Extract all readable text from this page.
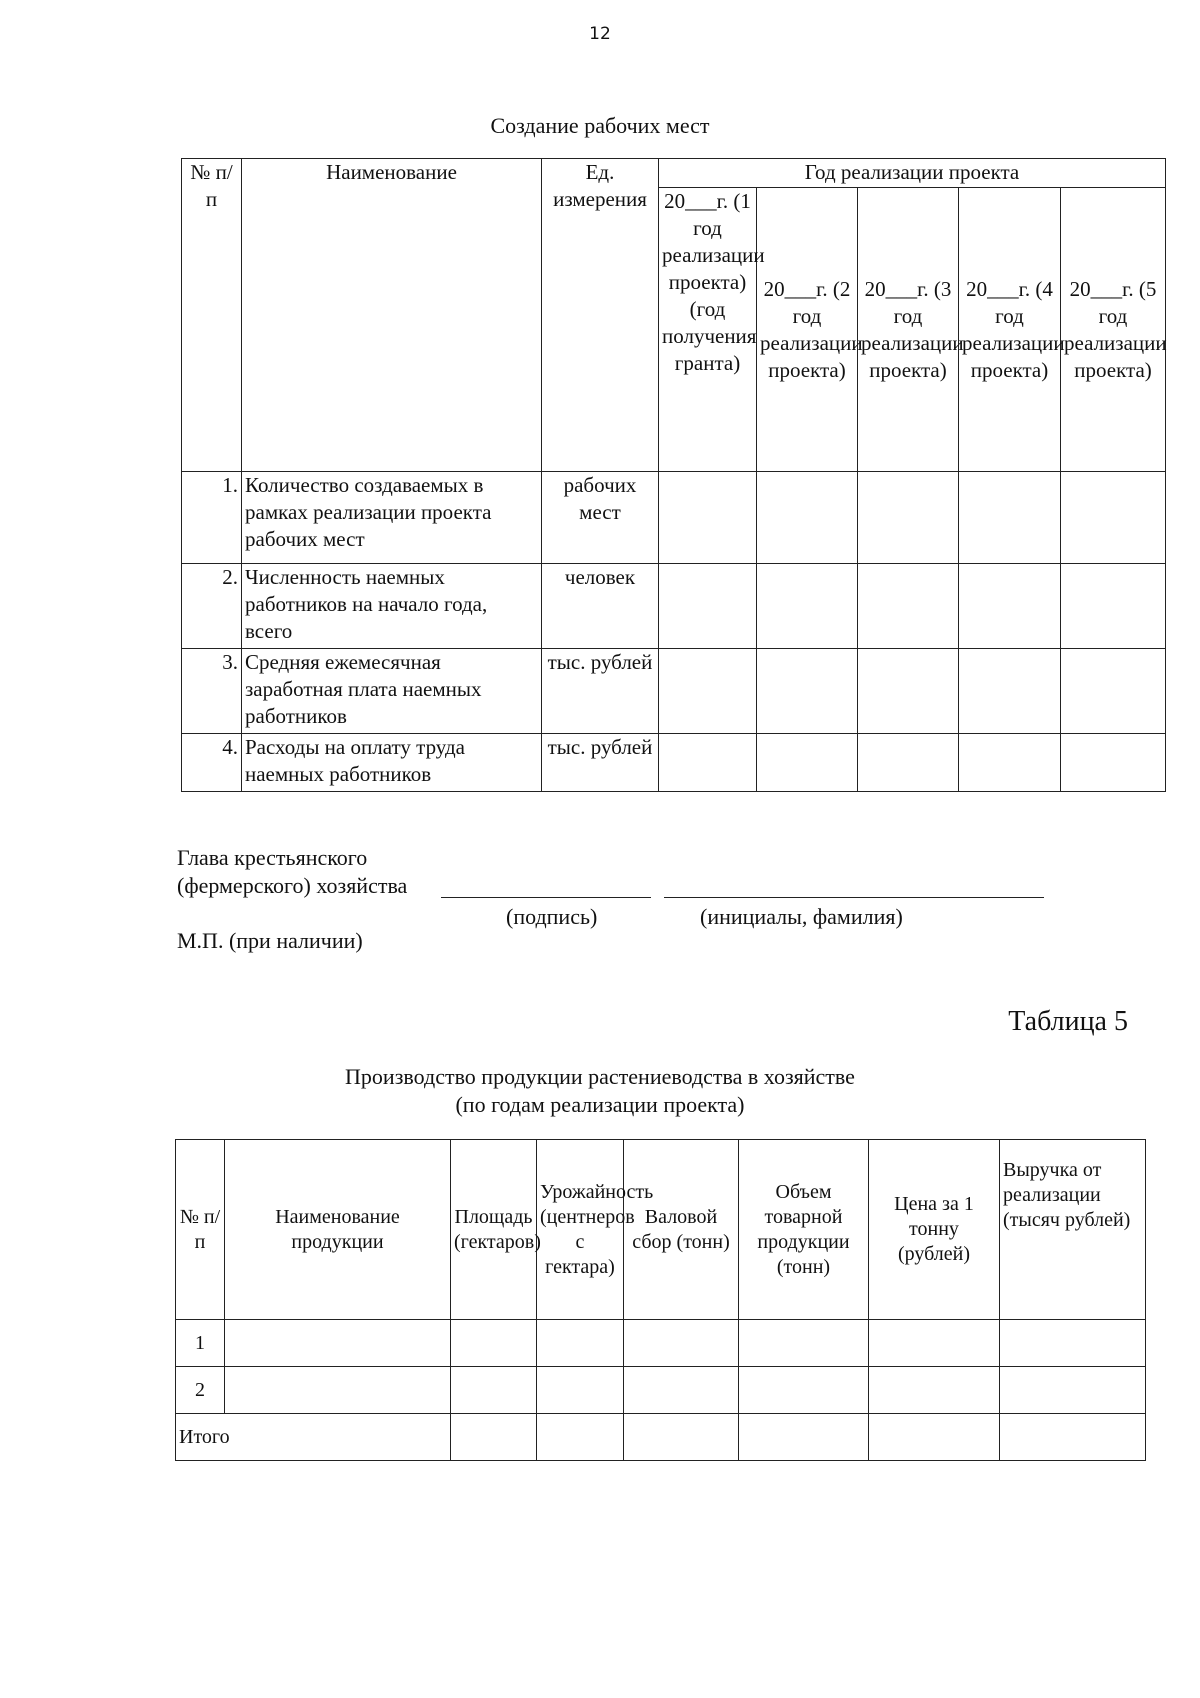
12
Создание рабочих мест
№ п/п	Наименование	Ед. измерения	Год реализации проекта				
			20___г. (1 год реализации проекта) (год получения гранта)	20___г. (2 год реализации проекта)	20___г. (3 год реализации проекта)	20___г. (4 год реализации проекта)	20___г. (5 год реализации проекта)
1.	Количество создаваемых в рамках реализации проекта рабочих мест	рабочих мест					
2.	Численность наемных работников на начало года, всего	человек					
3.	Средняя ежемесячная заработная плата наемных работников	тыс. рублей					
4.	Расходы на оплату труда наемных работников	тыс. рублей					
Глава крестьянского
(фермерского) хозяйства
(подпись)	(инициалы, фамилия)
М.П. (при наличии)
Таблица 5
Производство продукции растениеводства в хозяйстве
(по годам реализации проекта)
№ п/п	Наименование продукции	Площадь (гектаров)	Урожайность (центнеров с гектара)	Валовой сбор (тонн)	Объем товарной продукции (тонн)	Цена за 1 тонну (рублей)	Выручка от реализации (тысяч рублей)
1							
2							
Итого							
